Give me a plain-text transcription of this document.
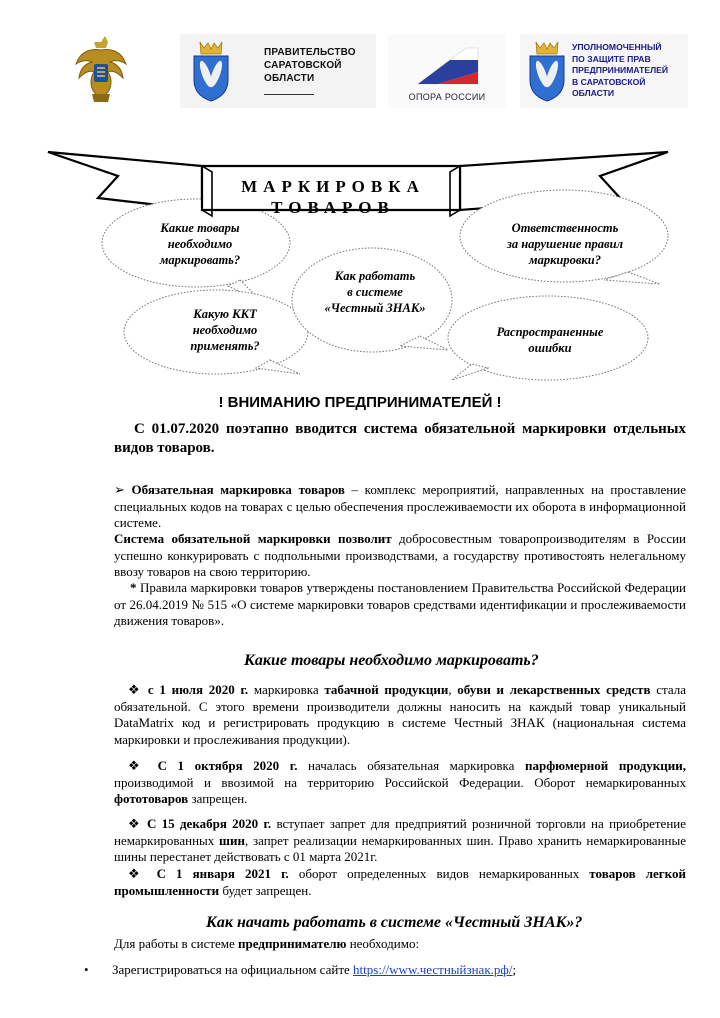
ПРАВИТЕЛЬСТВО
САРАТОВСКОЙ
ОБЛАСТИ
ОПОРА РОССИИ
УПОЛНОМОЧЕННЫЙ
ПО ЗАЩИТЕ ПРАВ
ПРЕДПРИНИМАТЕЛЕЙ
В САРАТОВСКОЙ
ОБЛАСТИ
МАРКИРОВКА
ТОВАРОВ
Какие товары
необходимо
маркировать?
Ответственность
за нарушение правил
маркировки?
Как работать
в системе
«Честный ЗНАК»
Какую ККТ
необходимо
применять?
Распространенные
ошибки
! ВНИМАНИЮ ПРЕДПРИНИМАТЕЛЕЙ !
С 01.07.2020 поэтапно вводится система обязательной маркировки отдельных видов товаров.
➢ Обязательная маркировка товаров – комплекс мероприятий, направленных на проставление специальных кодов на товарах с целью обеспечения прослеживаемости их оборота в информационной системе.
Система обязательной маркировки позволит добросовестным товаропроизводителям в России успешно конкурировать с подпольными производствами, а государству противостоять нелегальному ввозу товаров на свою территорию.
* Правила маркировки товаров утверждены постановлением Правительства Российской Федерации от 26.04.2019 № 515 «О системе маркировки товаров средствами идентификации и прослеживаемости движения товаров».
Какие товары необходимо маркировать?
❖ с 1 июля 2020 г. маркировка табачной продукции, обуви и лекарственных средств стала обязательной. С этого времени производители должны наносить на каждый товар уникальный DataMatrix код и регистрировать продукцию в системе Честный ЗНАК (национальная система маркировки и прослеживания продукции).
❖ С 1 октября 2020 г. началась обязательная маркировка парфюмерной продукции, производимой и ввозимой на территорию Российской Федерации. Оборот немаркированных фототоваров запрещен.
❖ С 15 декабря 2020 г. вступает запрет для предприятий розничной торговли на приобретение немаркированных шин, запрет реализации немаркированных шин. Право хранить немаркированные шины перестанет действовать с 01 марта 2021г.
❖ С 1 января 2021 г. оборот определенных видов немаркированных товаров легкой промышленности будет запрещен.
Как начать работать в системе «Честный ЗНАК»?
Для работы в системе предпринимателю необходимо:
• Зарегистрироваться на официальном сайте https://www.честныйзнак.рф/;
